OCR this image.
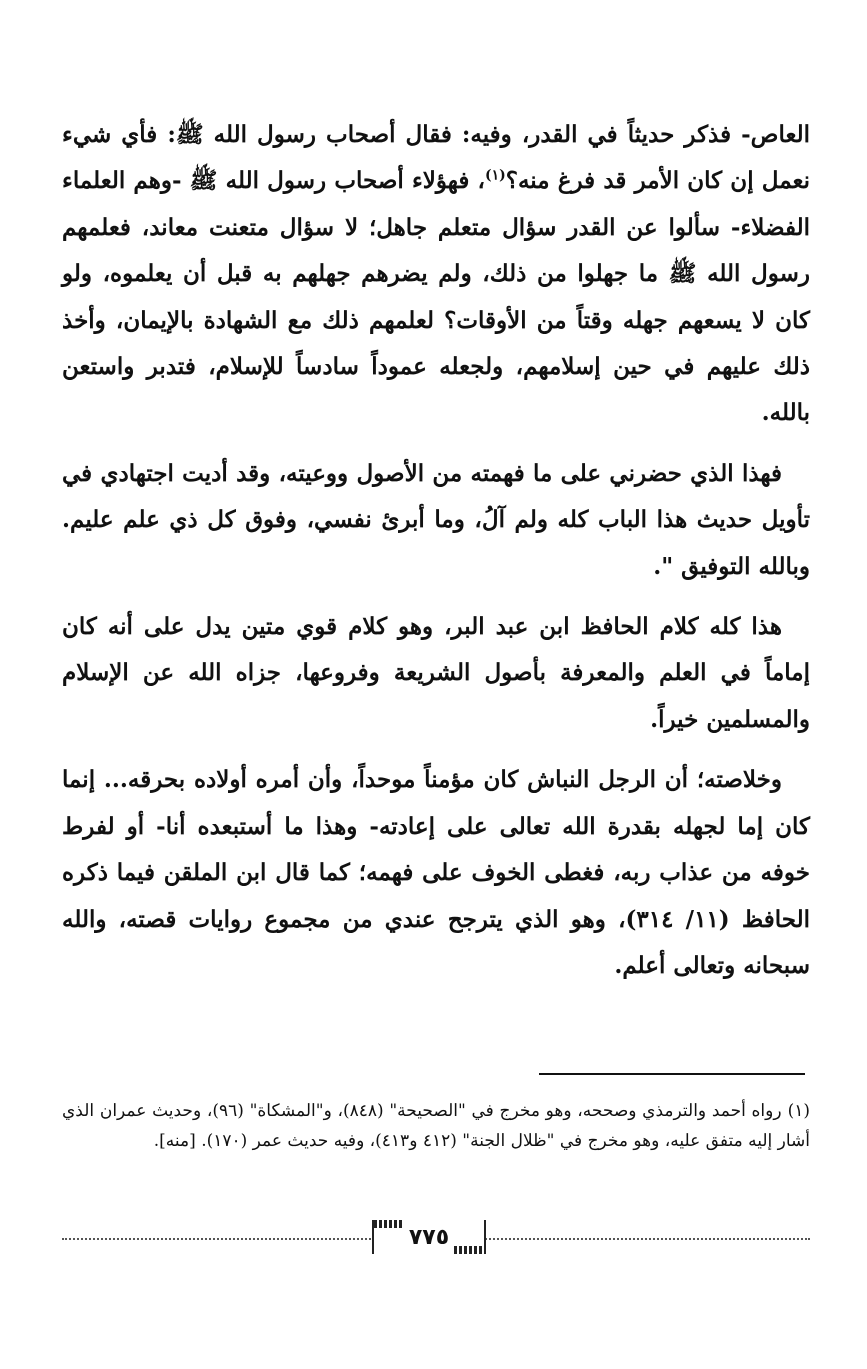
العاص- فذكر حديثاً في القدر، وفيه: فقال أصحاب رسول الله ﷺ: فأي شيء نعمل إن كان الأمر قد فرغ منه؟$^{(١)}$، فهؤلاء أصحاب رسول الله ﷺ -وهم العلماء الفضلاء- سألوا عن القدر سؤال متعلم جاهل؛ لا سؤال متعنت معاند، فعلمهم رسول الله ﷺ ما جهلوا من ذلك، ولم يضرهم جهلهم به قبل أن يعلموه، ولو كان لا يسعهم جهله وقتاً من الأوقات؟ لعلمهم ذلك مع الشهادة بالإيمان، وأخذ ذلك عليهم في حين إسلامهم، ولجعله عموداً سادساً للإسلام، فتدبر واستعن بالله.

فهذا الذي حضرني على ما فهمته من الأصول ووعيته، وقد أديت اجتهادي في تأويل حديث هذا الباب كله ولم آلُ، وما أبرئ نفسي، وفوق كل ذي علم عليم. وبالله التوفيق ".

هذا كله كلام الحافظ ابن عبد البر، وهو كلام قوي متين يدل على أنه كان إماماً في العلم والمعرفة بأصول الشريعة وفروعها، جزاه الله عن الإسلام والمسلمين خيراً.

وخلاصته؛ أن الرجل النباش كان مؤمناً موحداً، وأن أمره أولاده بحرقه... إنما كان إما لجهله بقدرة الله تعالى على إعادته- وهذا ما أستبعده أنا- أو لفرط خوفه من عذاب ربه، فغطى الخوف على فهمه؛ كما قال ابن الملقن فيما ذكره الحافظ (١١/ ٣١٤)، وهو الذي يترجح عندي من مجموع روايات قصته، والله سبحانه وتعالى أعلم.

(١)رواه أحمد والترمذي وصححه، وهو مخرج في "الصحيحة" (٨٤٨)، و"المشكاة" (٩٦)، وحديث عمران الذي أشار إليه متفق عليه، وهو مخرج في "ظلال الجنة" (٤١٢ و٤١٣)، وفيه حديث عمر (١٧٠). [منه].

٧٧٥
